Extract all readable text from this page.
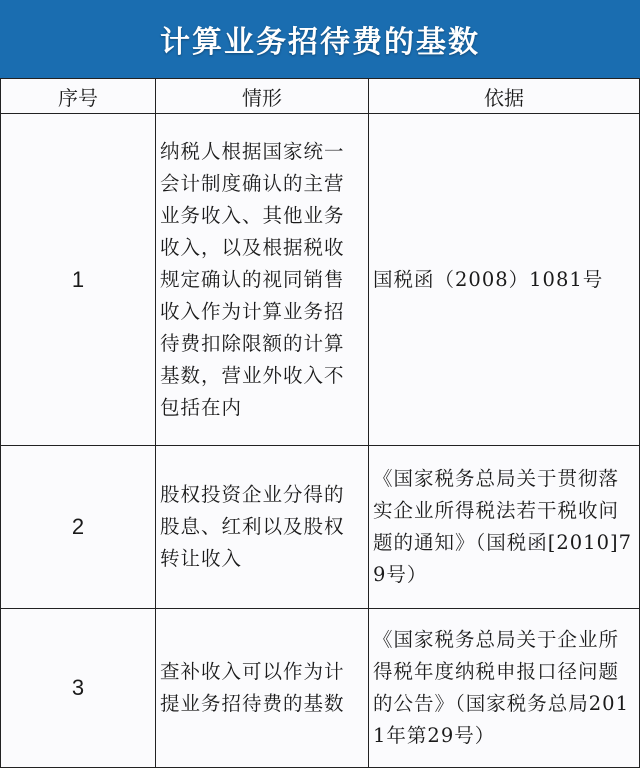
计算业务招待费的基数
序号	情形	依据
1	纳税人根据国家统一会计制度确认的主营业务收入、其他业务收入，以及根据税收规定确认的视同销售收入作为计算业务招待费扣除限额的计算基数，营业外收入不包括在内	国税函（2008）1081号
2	股权投资企业分得的股息、红利以及股权转让收入	《国家税务总局关于贯彻落实企业所得税法若干税收问题的通知》（国税函[2010]79号）
3	查补收入可以作为计提业务招待费的基数	《国家税务总局关于企业所得税年度纳税申报口径问题的公告》（国家税务总局2011年第29号）
